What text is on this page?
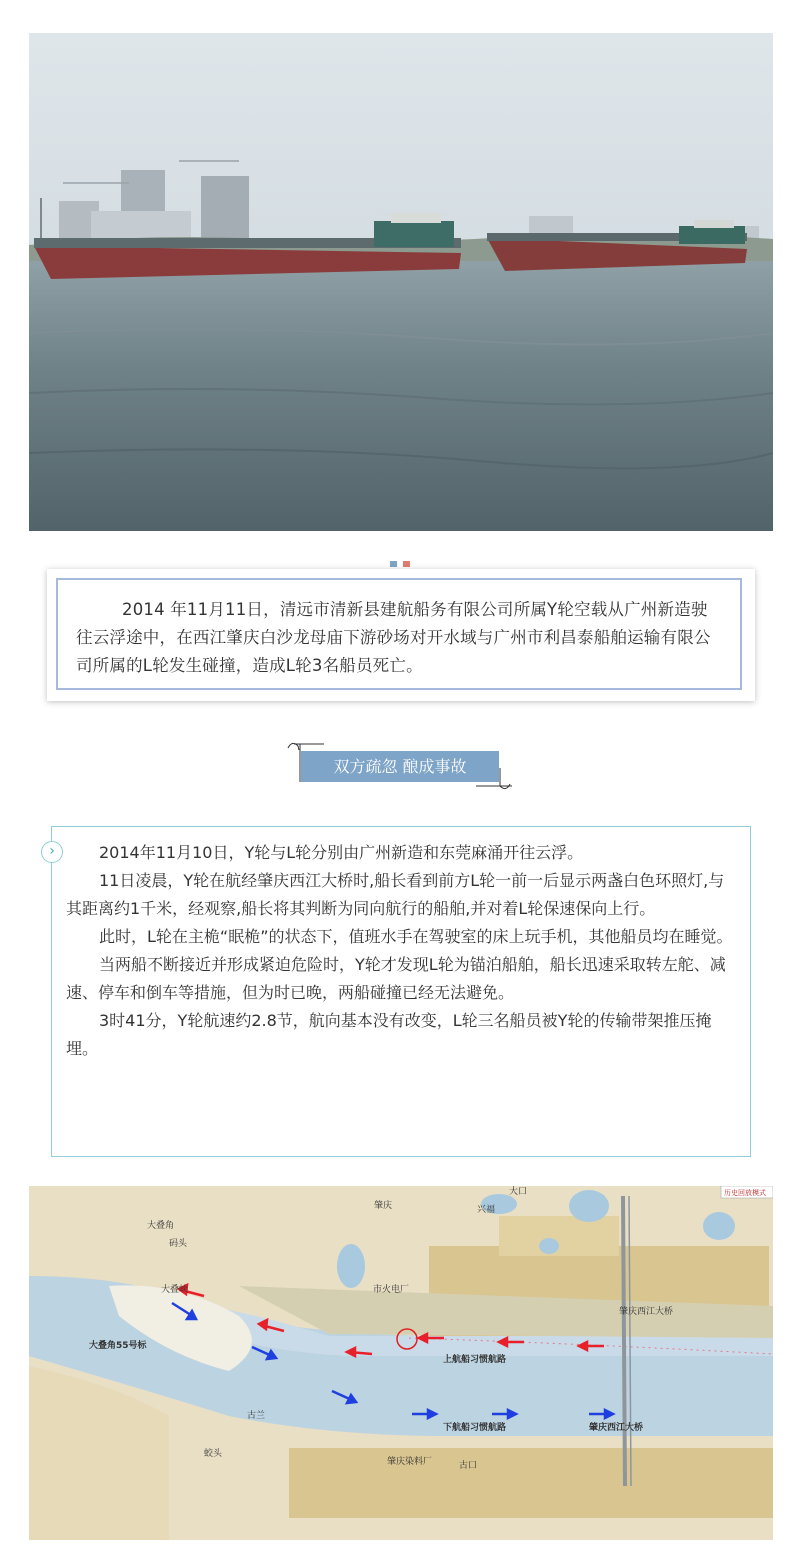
2014 年11月11日，清远市清新县建航船务有限公司所属Y轮空载从广州新造驶往云浮途中，在西江肇庆白沙龙母庙下游砂场对开水域与广州市利昌泰船舶运输有限公司所属的L轮发生碰撞，造成L轮3名船员死亡。

双方疏忽 酿成事故

2014年11月10日，Y轮与L轮分别由广州新造和东莞麻涌开往云浮。

11日凌晨，Y轮在航经肇庆西江大桥时,船长看到前方L轮一前一后显示两盏白色环照灯,与其距离约1千米，经观察,船长将其判断为同向航行的船舶,并对着L轮保速保向上行。

此时，L轮在主桅“眠桅”的状态下，值班水手在驾驶室的床上玩手机，其他船员均在睡觉。

当两船不断接近并形成紧迫危险时，Y轮才发现L轮为锚泊船舶，船长迅速采取转左舵、减速、停车和倒车等措施，但为时已晚，两船碰撞已经无法避免。

3时41分，Y轮航速约2.8节，航向基本没有改变，L轮三名船员被Y轮的传输带架推压掩埋。

›
上航船习惯航路
下航船习惯航路	肇庆西江大桥
大叠角55号标
肇庆西江大桥
码头
大叠角
大叠峡	市火电厂
兴福
肇庆
大口
肇庆染料厂
古兰
古口
蛟头
历史回放模式
